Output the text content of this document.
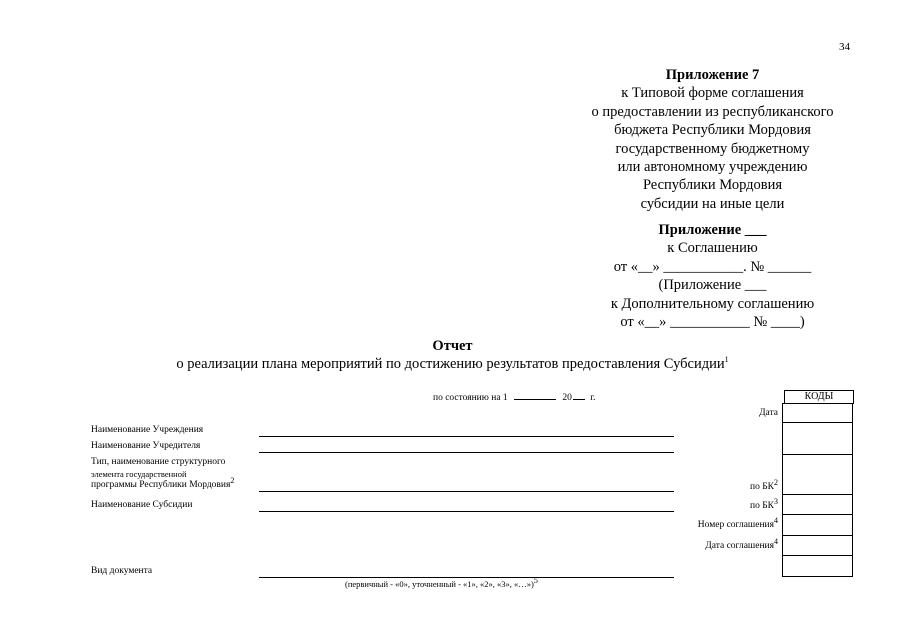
34
Приложение 7
к Типовой форме соглашения
о предоставлении из республиканского
бюджета Республики Мордовия
государственному бюджетному
или автономному учреждению
Республики Мордовия
субсидии на иные цели
Приложение ___
к Соглашению
от «__» ___________. № ______
(Приложение ___
к Дополнительному соглашению
от «__» ___________ № ____)
Отчет
о реализации плана мероприятий по достижению результатов предоставления Субсидии$^1$
по состоянию на 1	20 г.
Наименование Учреждения
Наименование Учредителя
Тип, наименование структурного
элемента государственной
программы Республики Мордовия$^2$
Наименование Субсидии
Вид документа
(первичный - «0», уточненный - «1», «2», «3», «…»)$^5$
Дата
по $БК^2$
по $БК^3$
Номер соглашения$^4$
Дата соглашения$^4$
КОДЫ
